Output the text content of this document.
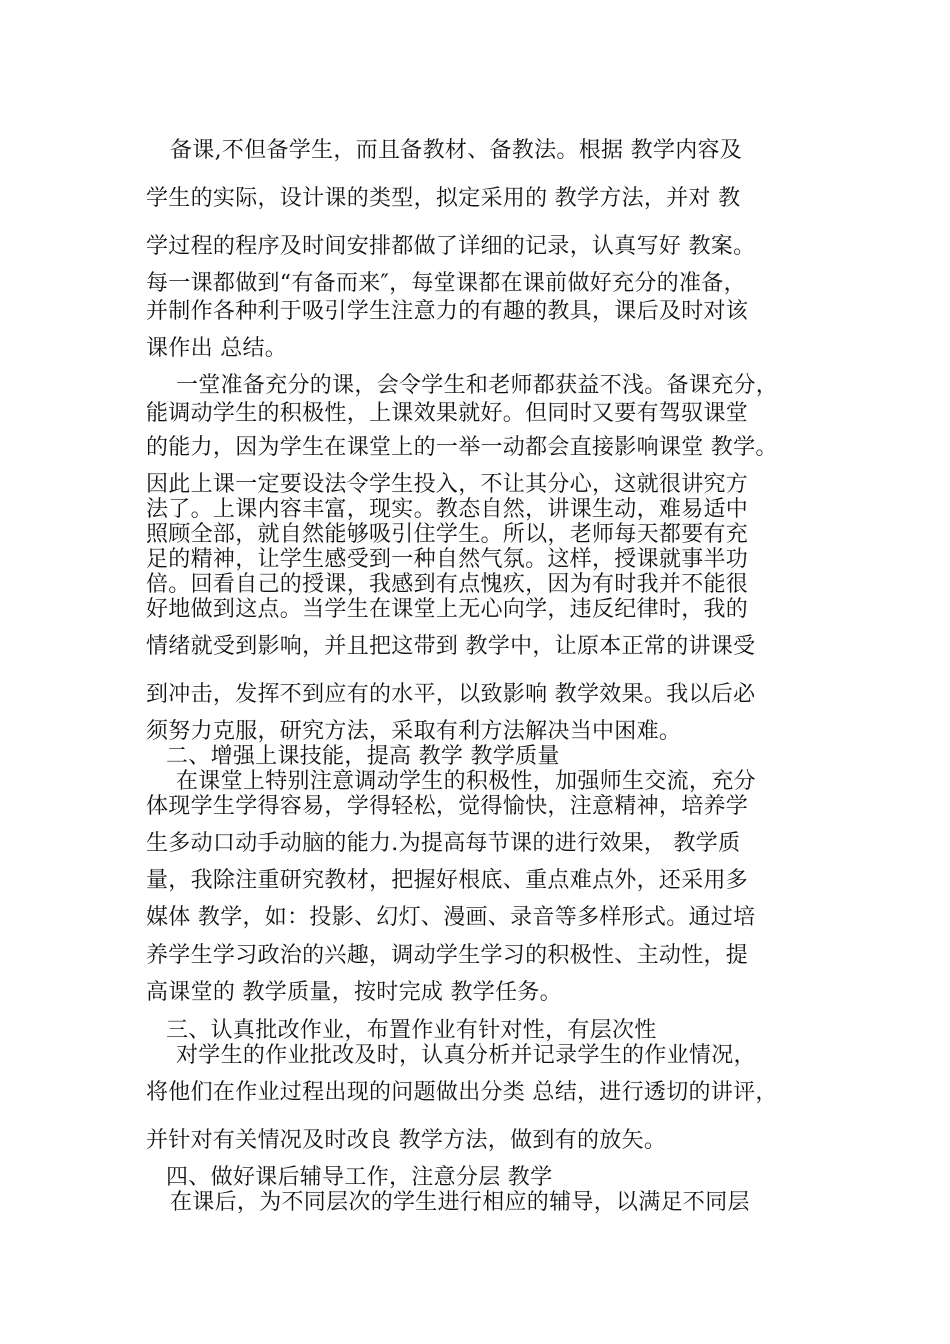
备课,不但备学生，而且备教材、备教法。根据 教学内容及

学生的实际，设计课的类型，拟定采用的 教学方法，并对 教

学过程的程序及时间安排都做了详细的记录，认真写好 教案。

每一课都做到“有备而来″，每堂课都在课前做好充分的准备，

并制作各种利于吸引学生注意力的有趣的教具，课后及时对该

课作出 总结。

一堂准备充分的课，会令学生和老师都获益不浅。备课充分，

能调动学生的积极性，上课效果就好。但同时又要有驾驭课堂

的能力，因为学生在课堂上的一举一动都会直接影响课堂 教学。

因此上课一定要设法令学生投入，不让其分心，这就很讲究方

法了。上课内容丰富，现实。教态自然，讲课生动，难易适中

照顾全部，就自然能够吸引住学生。所以，老师每天都要有充

足的精神，让学生感受到一种自然气氛。这样，授课就事半功

倍。回看自己的授课，我感到有点愧疚，因为有时我并不能很

好地做到这点。当学生在课堂上无心向学，违反纪律时，我的

情绪就受到影响，并且把这带到 教学中，让原本正常的讲课受

到冲击，发挥不到应有的水平，以致影响 教学效果。我以后必

须努力克服，研究方法，采取有利方法解决当中困难。

二、增强上课技能，提高 教学 教学质量

在课堂上特别注意调动学生的积极性，加强师生交流，充分

体现学生学得容易，学得轻松，觉得愉快，注意精神，培养学

生多动口动手动脑的能力.为提高每节课的进行效果， 教学质

量，我除注重研究教材，把握好根底、重点难点外，还采用多

媒体 教学，如：投影、幻灯、漫画、录音等多样形式。通过培

养学生学习政治的兴趣，调动学生学习的积极性、主动性，提

高课堂的 教学质量，按时完成 教学任务。

三、认真批改作业，布置作业有针对性，有层次性

对学生的作业批改及时，认真分析并记录学生的作业情况，

将他们在作业过程出现的问题做出分类 总结，进行透切的讲评，

并针对有关情况及时改良 教学方法，做到有的放矢。

四、做好课后辅导工作，注意分层 教学

在课后，为不同层次的学生进行相应的辅导，以满足不同层
